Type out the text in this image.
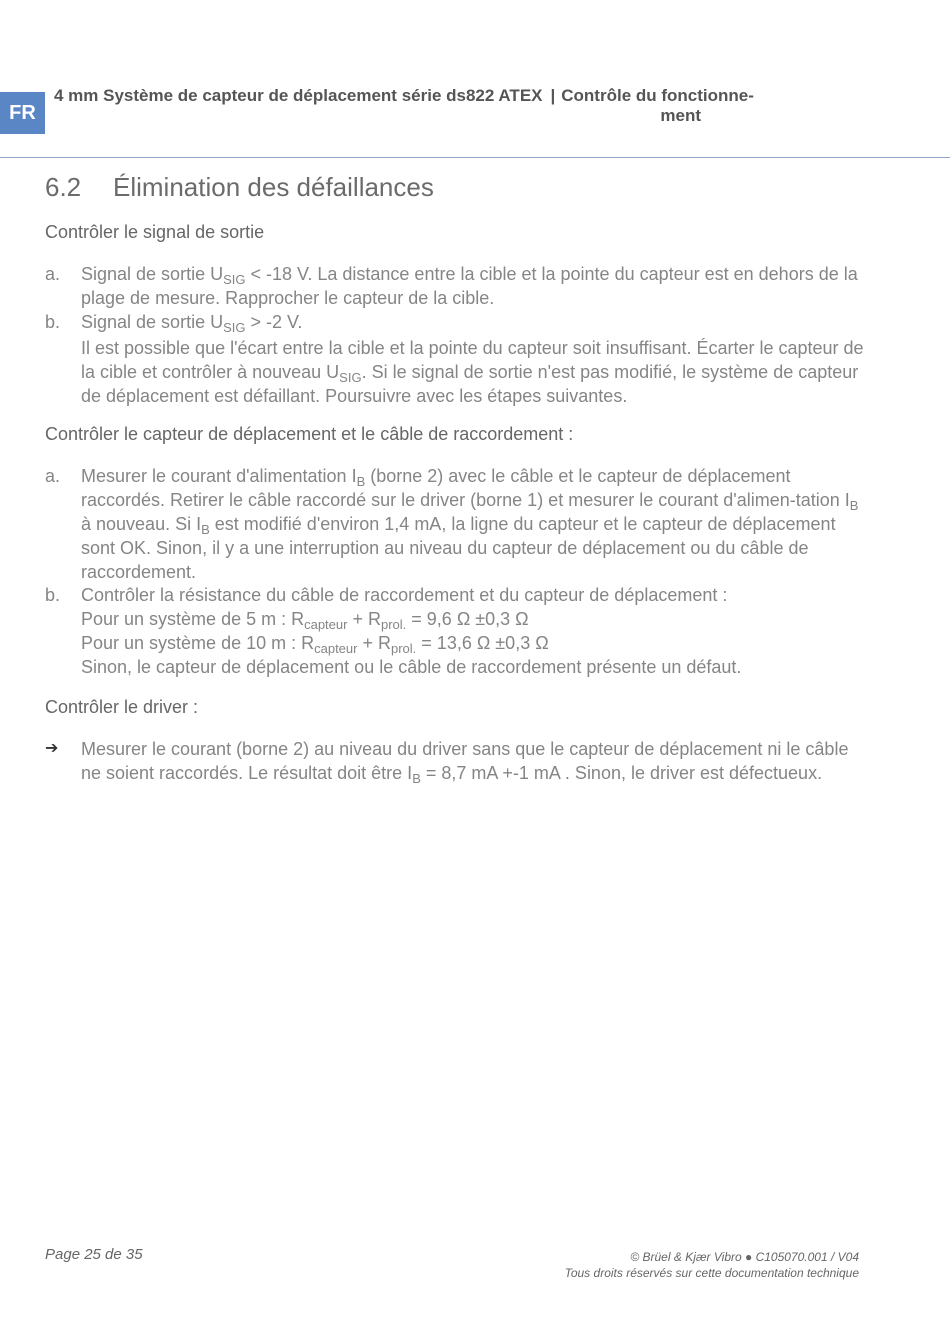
FR
4 mm Système de capteur de déplacement série ds822 ATEX | Contrôle du fonctionne-
ment
6.2 Élimination des défaillances
Contrôler le signal de sortie
a. Signal de sortie $U_{SIG} < -18$ V. La distance entre la cible et la pointe du capteur est en dehors de la plage de mesure. Rapprocher le capteur de la cible.

b. Signal de sortie $U_{SIG} > -2$ V.

Il est possible que l'écart entre la cible et la pointe du capteur soit insuffisant. Écarter le capteur de la cible et contrôler à nouveau $U_{SIG}$. Si le signal de sortie n'est pas modifié, le système de capteur de déplacement est défaillant. Poursuivre avec les étapes suivantes.

Contrôler le capteur de déplacement et le câble de raccordement :
a. Mesurer le courant d'alimentation $I_B$ (borne 2) avec le câble et le capteur de déplacement raccordés. Retirer le câble raccordé sur le driver (borne 1) et mesurer le courant d'alimen-tation $I_B$ à nouveau. Si $I_B$ est modifié d'environ 1,4 mA, la ligne du capteur et le capteur de déplacement sont OK. Sinon, il y a une interruption au niveau du capteur de déplacement ou du câble de raccordement.

b. Contrôler la résistance du câble de raccordement et du capteur de déplacement :

Pour un système de 5 m : $R_{capteur} + R_{prol.} = 9,6$ Ω ±0,3 Ω

Pour un système de 10 m : $R_{capteur} + R_{prol.} = 13,6$ Ω ±0,3 Ω

Sinon, le capteur de déplacement ou le câble de raccordement présente un défaut.

Contrôler le driver :
➔ Mesurer le courant (borne 2) au niveau du driver sans que le capteur de déplacement ni le câble ne soient raccordés. Le résultat doit être $I_B = 8,7$ mA +-1 mA . Sinon, le driver est défectueux.

Page 25 de 35	© Brüel & Kjær Vibro ● C105070.001 / V04
Tous droits réservés sur cette documentation technique
